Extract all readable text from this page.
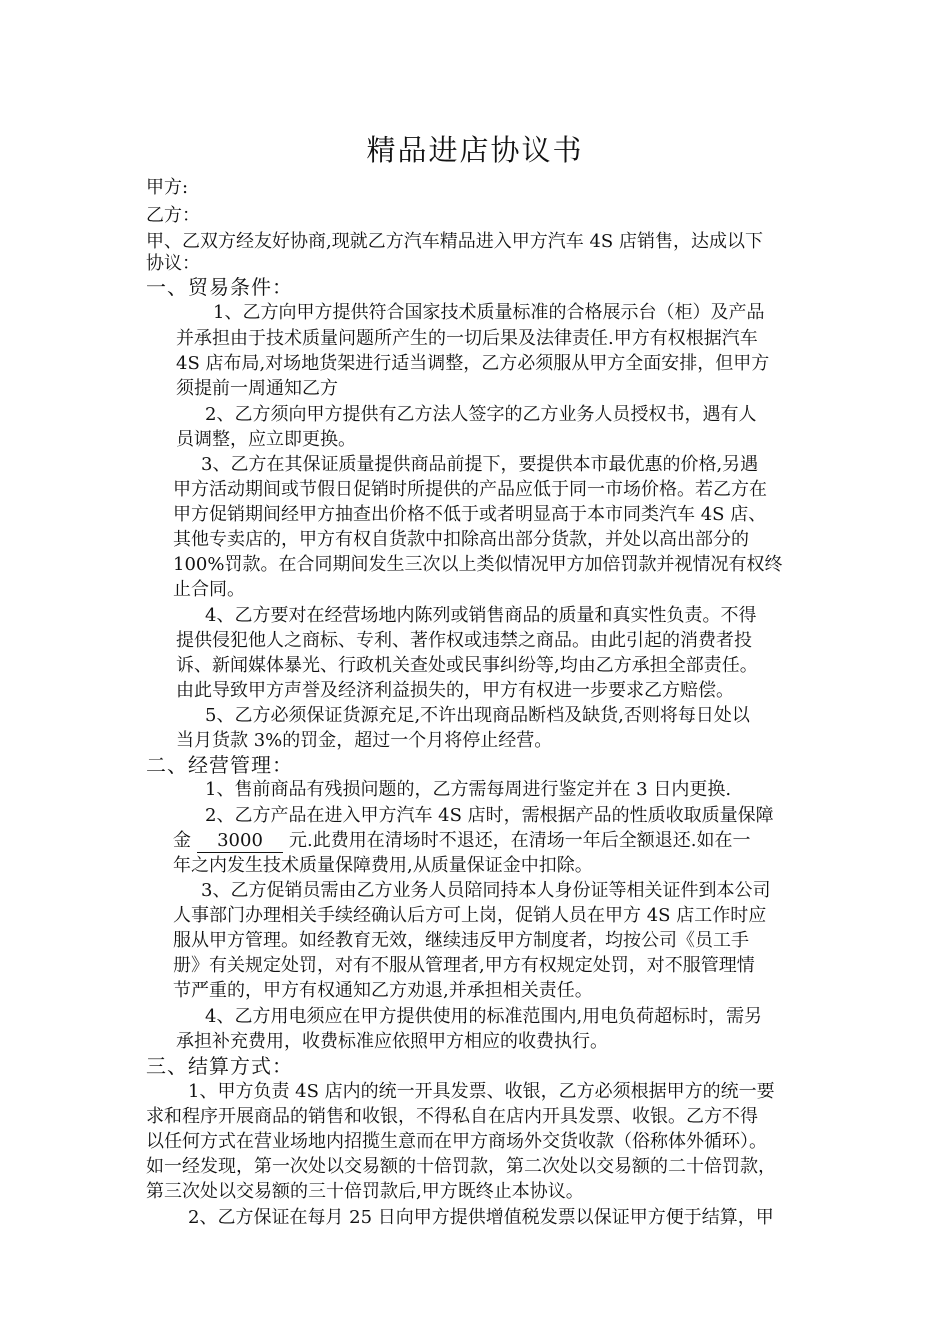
精品进店协议书
甲方:
乙方：
甲、乙双方经友好协商,现就乙方汽车精品进入甲方汽车 4S 店销售，达成以下
协议：
一、贸易条件：
1、乙方向甲方提供符合国家技术质量标准的合格展示台（柜）及产品
并承担由于技术质量问题所产生的一切后果及法律责任.甲方有权根据汽车
4S 店布局,对场地货架进行适当调整，乙方必须服从甲方全面安排，但甲方
须提前一周通知乙方
2、乙方须向甲方提供有乙方法人签字的乙方业务人员授权书，遇有人
员调整，应立即更换。
3、乙方在其保证质量提供商品前提下，要提供本市最优惠的价格,另遇
甲方活动期间或节假日促销时所提供的产品应低于同一市场价格。若乙方在
甲方促销期间经甲方抽查出价格不低于或者明显高于本市同类汽车 4S 店、
其他专卖店的，甲方有权自货款中扣除高出部分货款，并处以高出部分的
100%罚款。在合同期间发生三次以上类似情况甲方加倍罚款并视情况有权终
止合同。
4、乙方要对在经营场地内陈列或销售商品的质量和真实性负责。不得
提供侵犯他人之商标、专利、著作权或违禁之商品。由此引起的消费者投
诉、新闻媒体暴光、行政机关查处或民事纠纷等,均由乙方承担全部责任。
由此导致甲方声誉及经济利益损失的，甲方有权进一步要求乙方赔偿。
5、乙方必须保证货源充足,不许出现商品断档及缺货,否则将每日处以
当月货款 3%的罚金，超过一个月将停止经营。
二、经营管理：
1、售前商品有残损问题的，乙方需每周进行鉴定并在 3 日内更换.
2、乙方产品在进入甲方汽车 4S 店时，需根据产品的性质收取质量保障
金 3000 元.此费用在清场时不退还，在清场一年后全额退还.如在一
年之内发生技术质量保障费用,从质量保证金中扣除。
3、乙方促销员需由乙方业务人员陪同持本人身份证等相关证件到本公司
人事部门办理相关手续经确认后方可上岗，促销人员在甲方 4S 店工作时应
服从甲方管理。如经教育无效，继续违反甲方制度者，均按公司《员工手
册》有关规定处罚，对有不服从管理者,甲方有权规定处罚，对不服管理情
节严重的，甲方有权通知乙方劝退,并承担相关责任。
4、乙方用电须应在甲方提供使用的标准范围内,用电负荷超标时，需另
承担补充费用，收费标准应依照甲方相应的收费执行。
三、结算方式：
1、甲方负责 4S 店内的统一开具发票、收银，乙方必须根据甲方的统一要
求和程序开展商品的销售和收银，不得私自在店内开具发票、收银。乙方不得
以任何方式在营业场地内招揽生意而在甲方商场外交货收款（俗称体外循环）。
如一经发现，第一次处以交易额的十倍罚款，第二次处以交易额的二十倍罚款，
第三次处以交易额的三十倍罚款后,甲方既终止本协议。
2、乙方保证在每月 25 日向甲方提供增值税发票以保证甲方便于结算，甲
